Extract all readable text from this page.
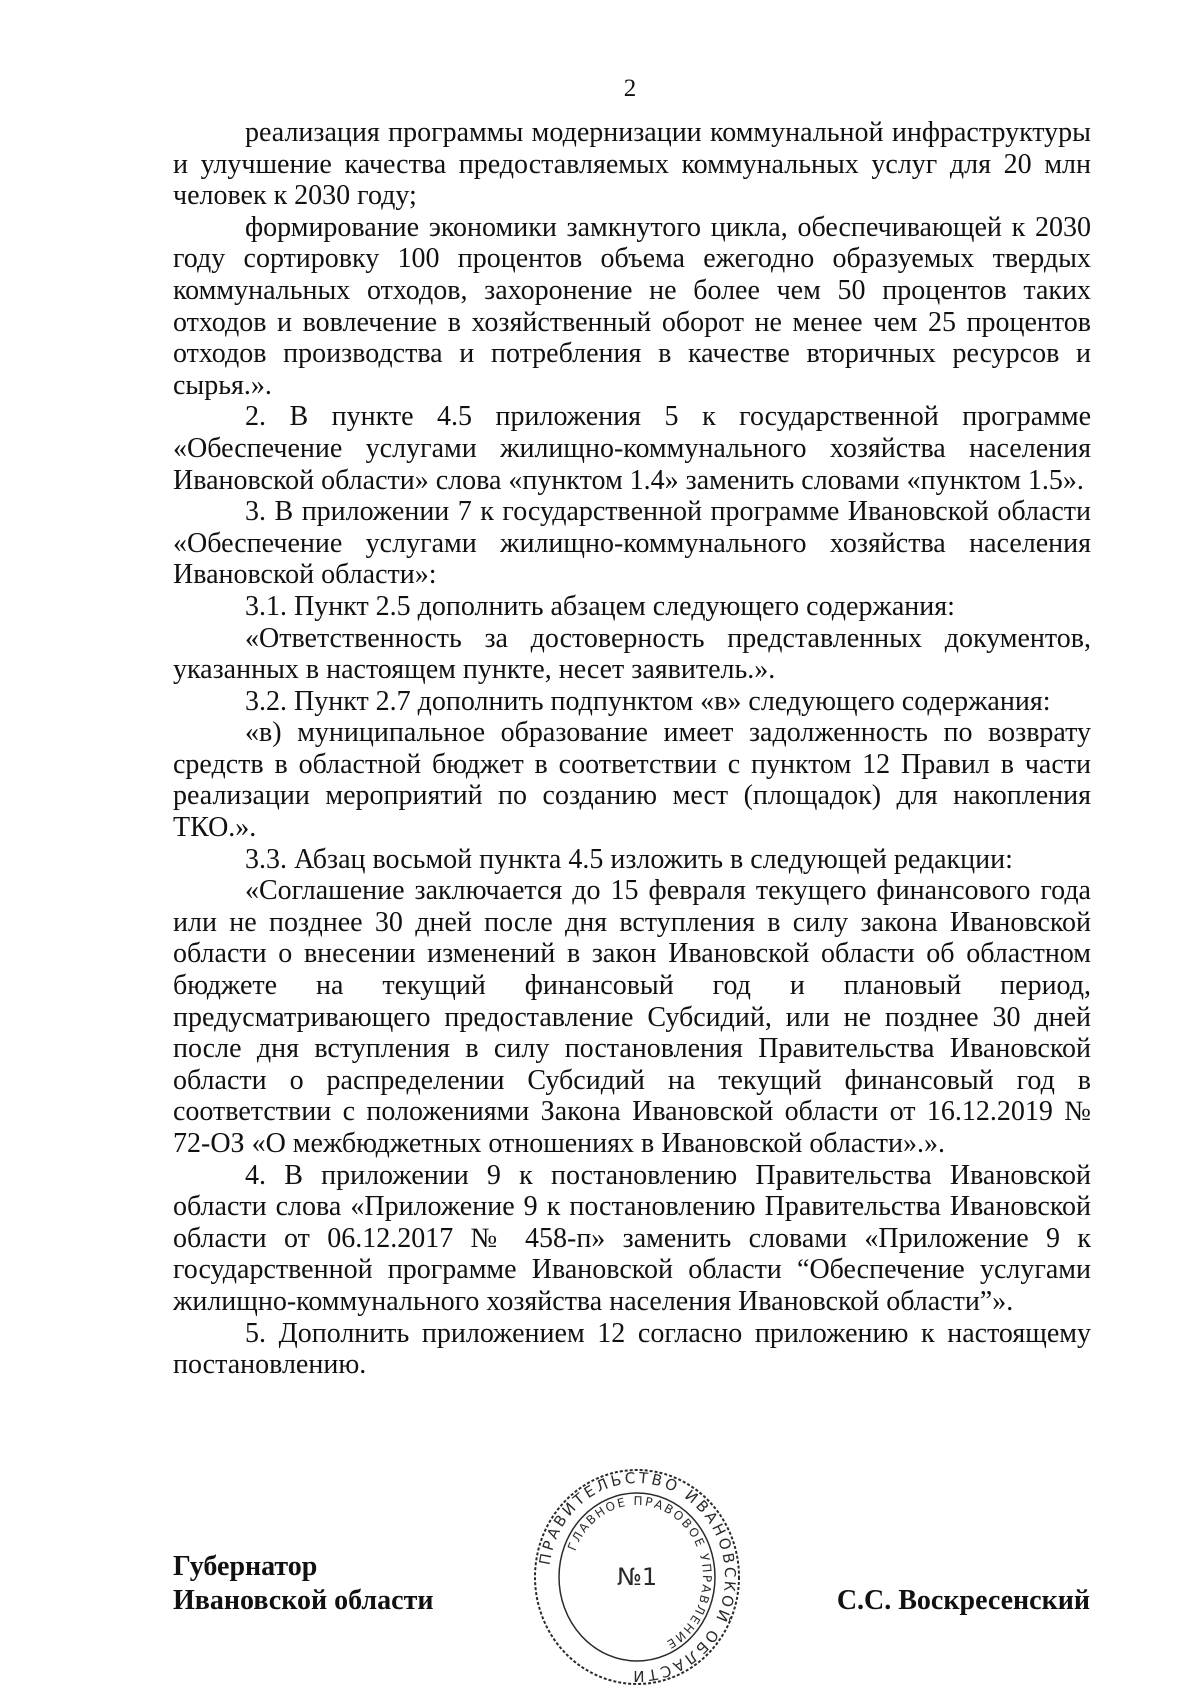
2

реализация программы модернизации коммунальной инфраструктуры и улучшение качества предоставляемых коммунальных услуг для 20 млн человек к 2030 году;

формирование экономики замкнутого цикла, обеспечивающей к 2030 году сортировку 100 процентов объема ежегодно образуемых твердых коммунальных отходов, захоронение не более чем 50 процентов таких отходов и вовлечение в хозяйственный оборот не менее чем 25 процентов отходов производства и потребления в качестве вторичных ресурсов и сырья.».

2. В пункте 4.5 приложения 5 к государственной программе «Обеспечение услугами жилищно-коммунального хозяйства населения Ивановской области» слова «пунктом 1.4» заменить словами «пунктом 1.5».

3. В приложении 7 к государственной программе Ивановской области «Обеспечение услугами жилищно-коммунального хозяйства населения Ивановской области»:

3.1. Пункт 2.5 дополнить абзацем следующего содержания:

«Ответственность за достоверность представленных документов, указанных в настоящем пункте, несет заявитель.».

3.2. Пункт 2.7 дополнить подпунктом «в» следующего содержания:

«в) муниципальное образование имеет задолженность по возврату средств в областной бюджет в соответствии с пунктом 12 Правил в части реализации мероприятий по созданию мест (площадок) для накопления ТКО.».

3.3. Абзац восьмой пункта 4.5 изложить в следующей редакции:

«Соглашение заключается до 15 февраля текущего финансового года или не позднее 30 дней после дня вступления в силу закона Ивановской области о внесении изменений в закон Ивановской области об областном бюджете на текущий финансовый год и плановый период, предусматривающего предоставление Субсидий, или не позднее 30 дней после дня вступления в силу постановления Правительства Ивановской области о распределении Субсидий на текущий финансовый год в соответствии с положениями Закона Ивановской области от 16.12.2019 № 72-ОЗ «О межбюджетных отношениях в Ивановской области».».

4. В приложении 9 к постановлению Правительства Ивановской области слова «Приложение 9 к постановлению Правительства Ивановской области от 06.12.2017 № 458-п» заменить словами «Приложение 9 к государственной программе Ивановской области “Обеспечение услугами жилищно-коммунального хозяйства населения Ивановской области”».

5. Дополнить приложением 12 согласно приложению к настоящему постановлению.

Губернатор
Ивановской области
ПРАВИТЕЛЬСТВО ИВАНОВСКОЙ ОБЛАСТИ
ГЛАВНОЕ ПРАВОВОЕ УПРАВЛЕНИЕ
№1
С.С. Воскресенский
